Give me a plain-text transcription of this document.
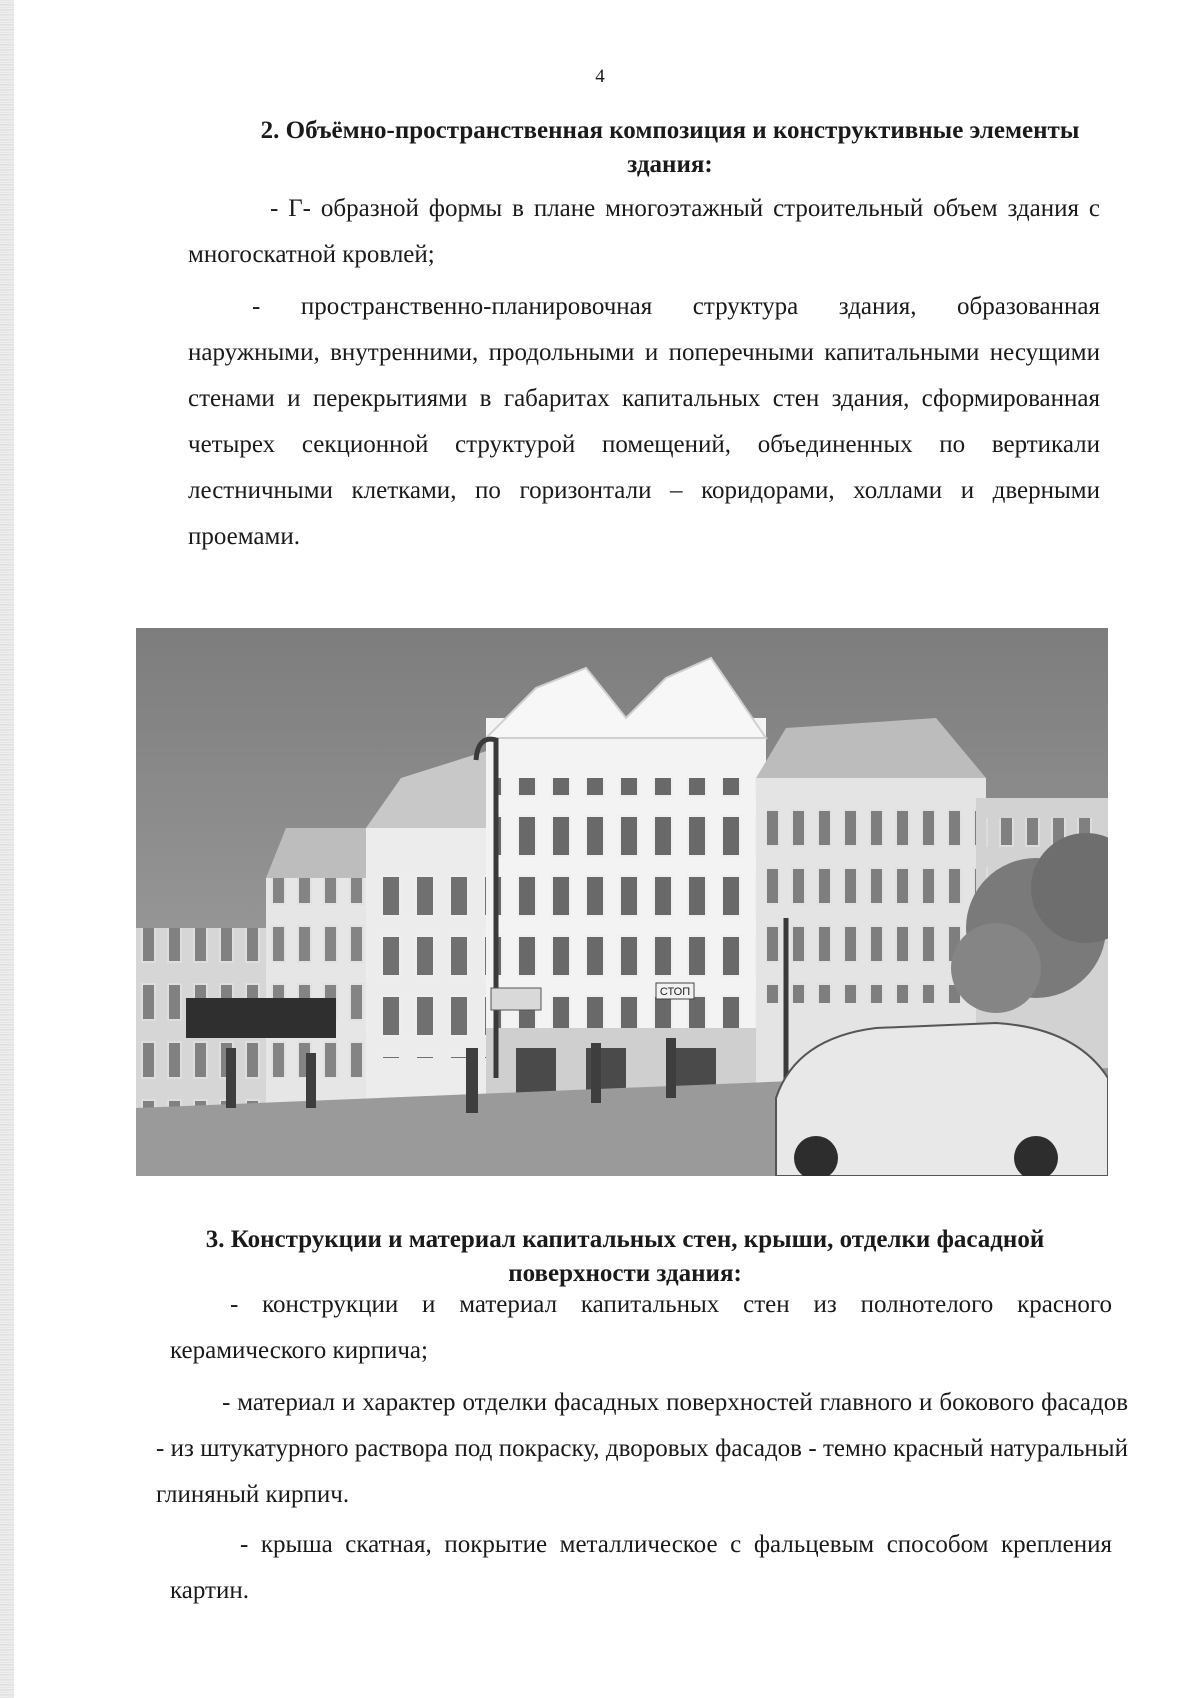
4
2. Объёмно-пространственная композиция и конструктивные элементы здания:

- Г- образной формы в плане многоэтажный строительный объем здания с многоскатной кровлей;

- пространственно-планировочная структура здания, образованная наружными, внутренними, продольными и поперечными капитальными несущими стенами и перекрытиями в габаритах капитальных стен здания, сформированная четырех секционной структурой помещений, объединенных по вертикали лестничными клетками, по горизонтали – коридорами, холлами и дверными проемами.

СТОП
3. Конструкции и материал капитальных стен, крыши, отделки фасадной поверхности здания:

- конструкции и материал капитальных стен из полнотелого красного керамического кирпича;

- материал и характер отделки фасадных поверхностей главного и бокового фасадов - из штукатурного раствора под покраску, дворовых фасадов - темно красный натуральный глиняный кирпич.

- крыша скатная, покрытие металлическое с фальцевым способом крепления картин.
